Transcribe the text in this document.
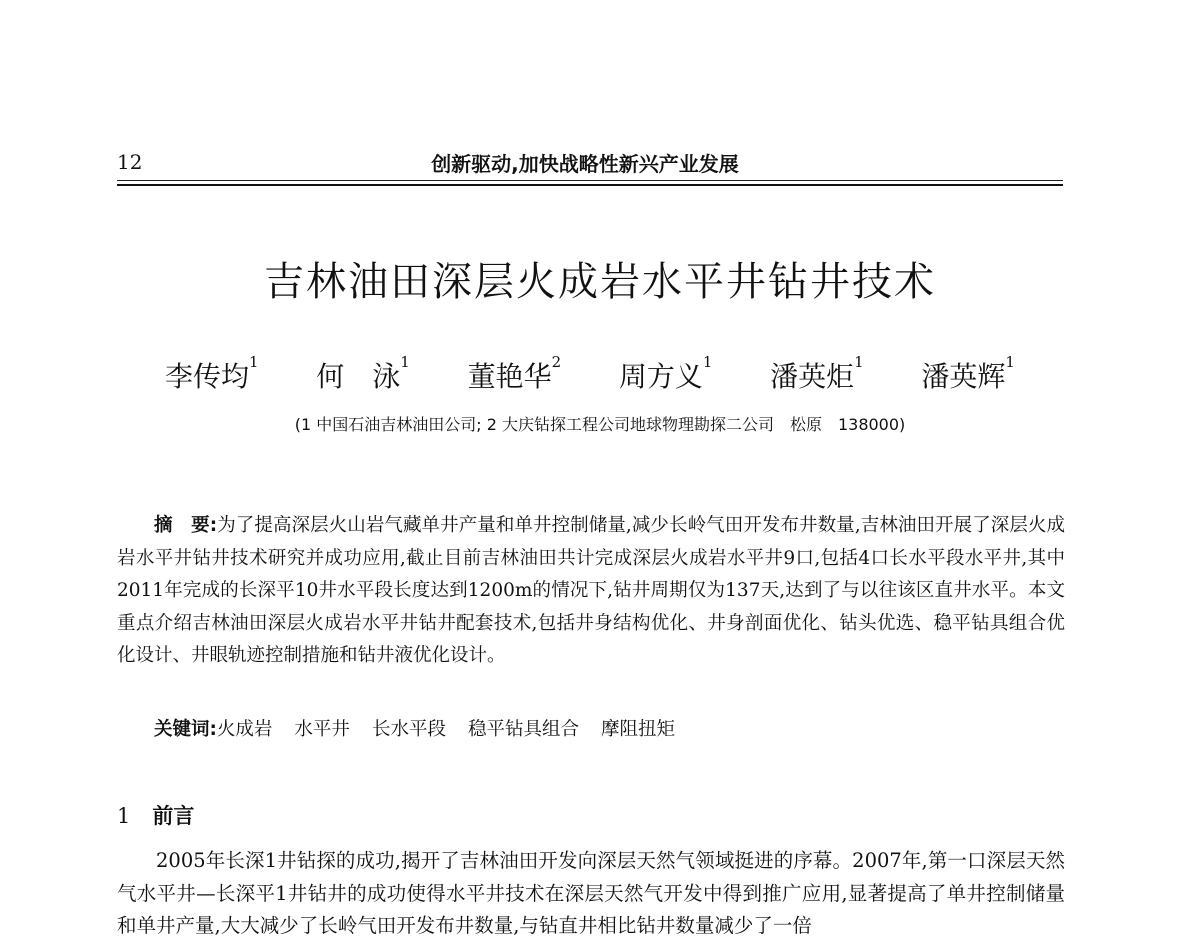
12	创新驱动,加快战略性新兴产业发展
吉林油田深层火成岩水平井钻井技术
李传均$^1$ 何　泳$^1$ 董艳华$^2$ 周方义$^1$ 潘英炬$^1$ 潘英辉$^1$
(1 中国石油吉林油田公司; 2 大庆钻探工程公司地球物理勘探二公司　松原　138000)
摘　要:为了提高深层火山岩气藏单井产量和单井控制储量,减少长岭气田开发布井数量,吉林油田开展了深层火成岩水平井钻井技术研究并成功应用,截止目前吉林油田共计完成深层火成岩水平井9口,包括4口长水平段水平井,其中2011年完成的长深平10井水平段长度达到1200m的情况下,钻井周期仅为137天,达到了与以往该区直井水平。本文重点介绍吉林油田深层火成岩水平井钻井配套技术,包括井身结构优化、井身剖面优化、钻头优选、稳平钻具组合优化设计、井眼轨迹控制措施和钻井液优化设计。
关键词:火成岩 水平井 长水平段 稳平钻具组合 摩阻扭矩
1 前言
2005年长深1井钻探的成功,揭开了吉林油田开发向深层天然气领域挺进的序幕。2007年,第一口深层天然气水平井—长深平1井钻井的成功使得水平井技术在深层天然气开发中得到推广应用,显著提高了单井控制储量和单井产量,大大减少了长岭气田开发布井数量,与钻直井相比钻井数量减少了一倍
